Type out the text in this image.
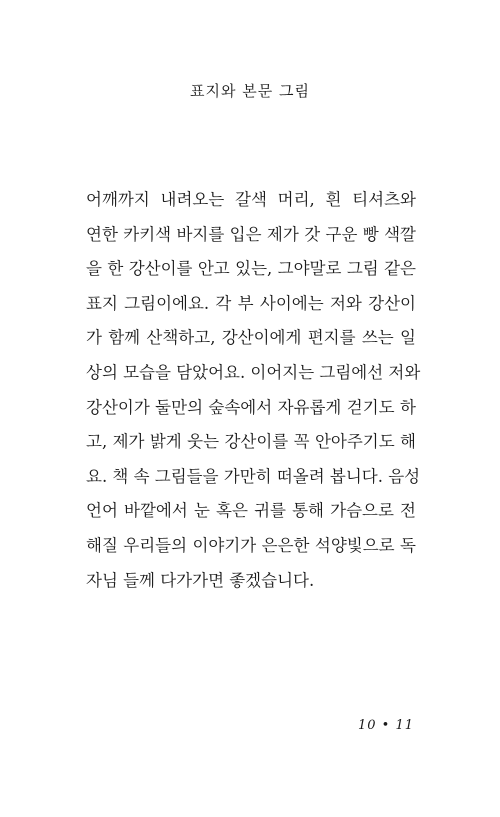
표지와 본문 그림
어깨까지 내려오는 갈색 머리, 흰 티셔츠와
연한 카키색 바지를 입은 제가 갓 구운 빵 색깔
을 한 강산이를 안고 있는, 그야말로 그림 같은
표지 그림이에요. 각 부 사이에는 저와 강산이
가 함께 산책하고, 강산이에게 편지를 쓰는 일
상의 모습을 담았어요. 이어지는 그림에선 저와
강산이가 둘만의 숲속에서 자유롭게 걷기도 하
고, 제가 밝게 웃는 강산이를 꼭 안아주기도 해
요. 책 속 그림들을 가만히 떠올려 봅니다. 음성
언어 바깥에서 눈 혹은 귀를 통해 가슴으로 전
해질 우리들의 이야기가 은은한 석양빛으로 독
자님 들께 다가가면 좋겠습니다.
10 • 11
